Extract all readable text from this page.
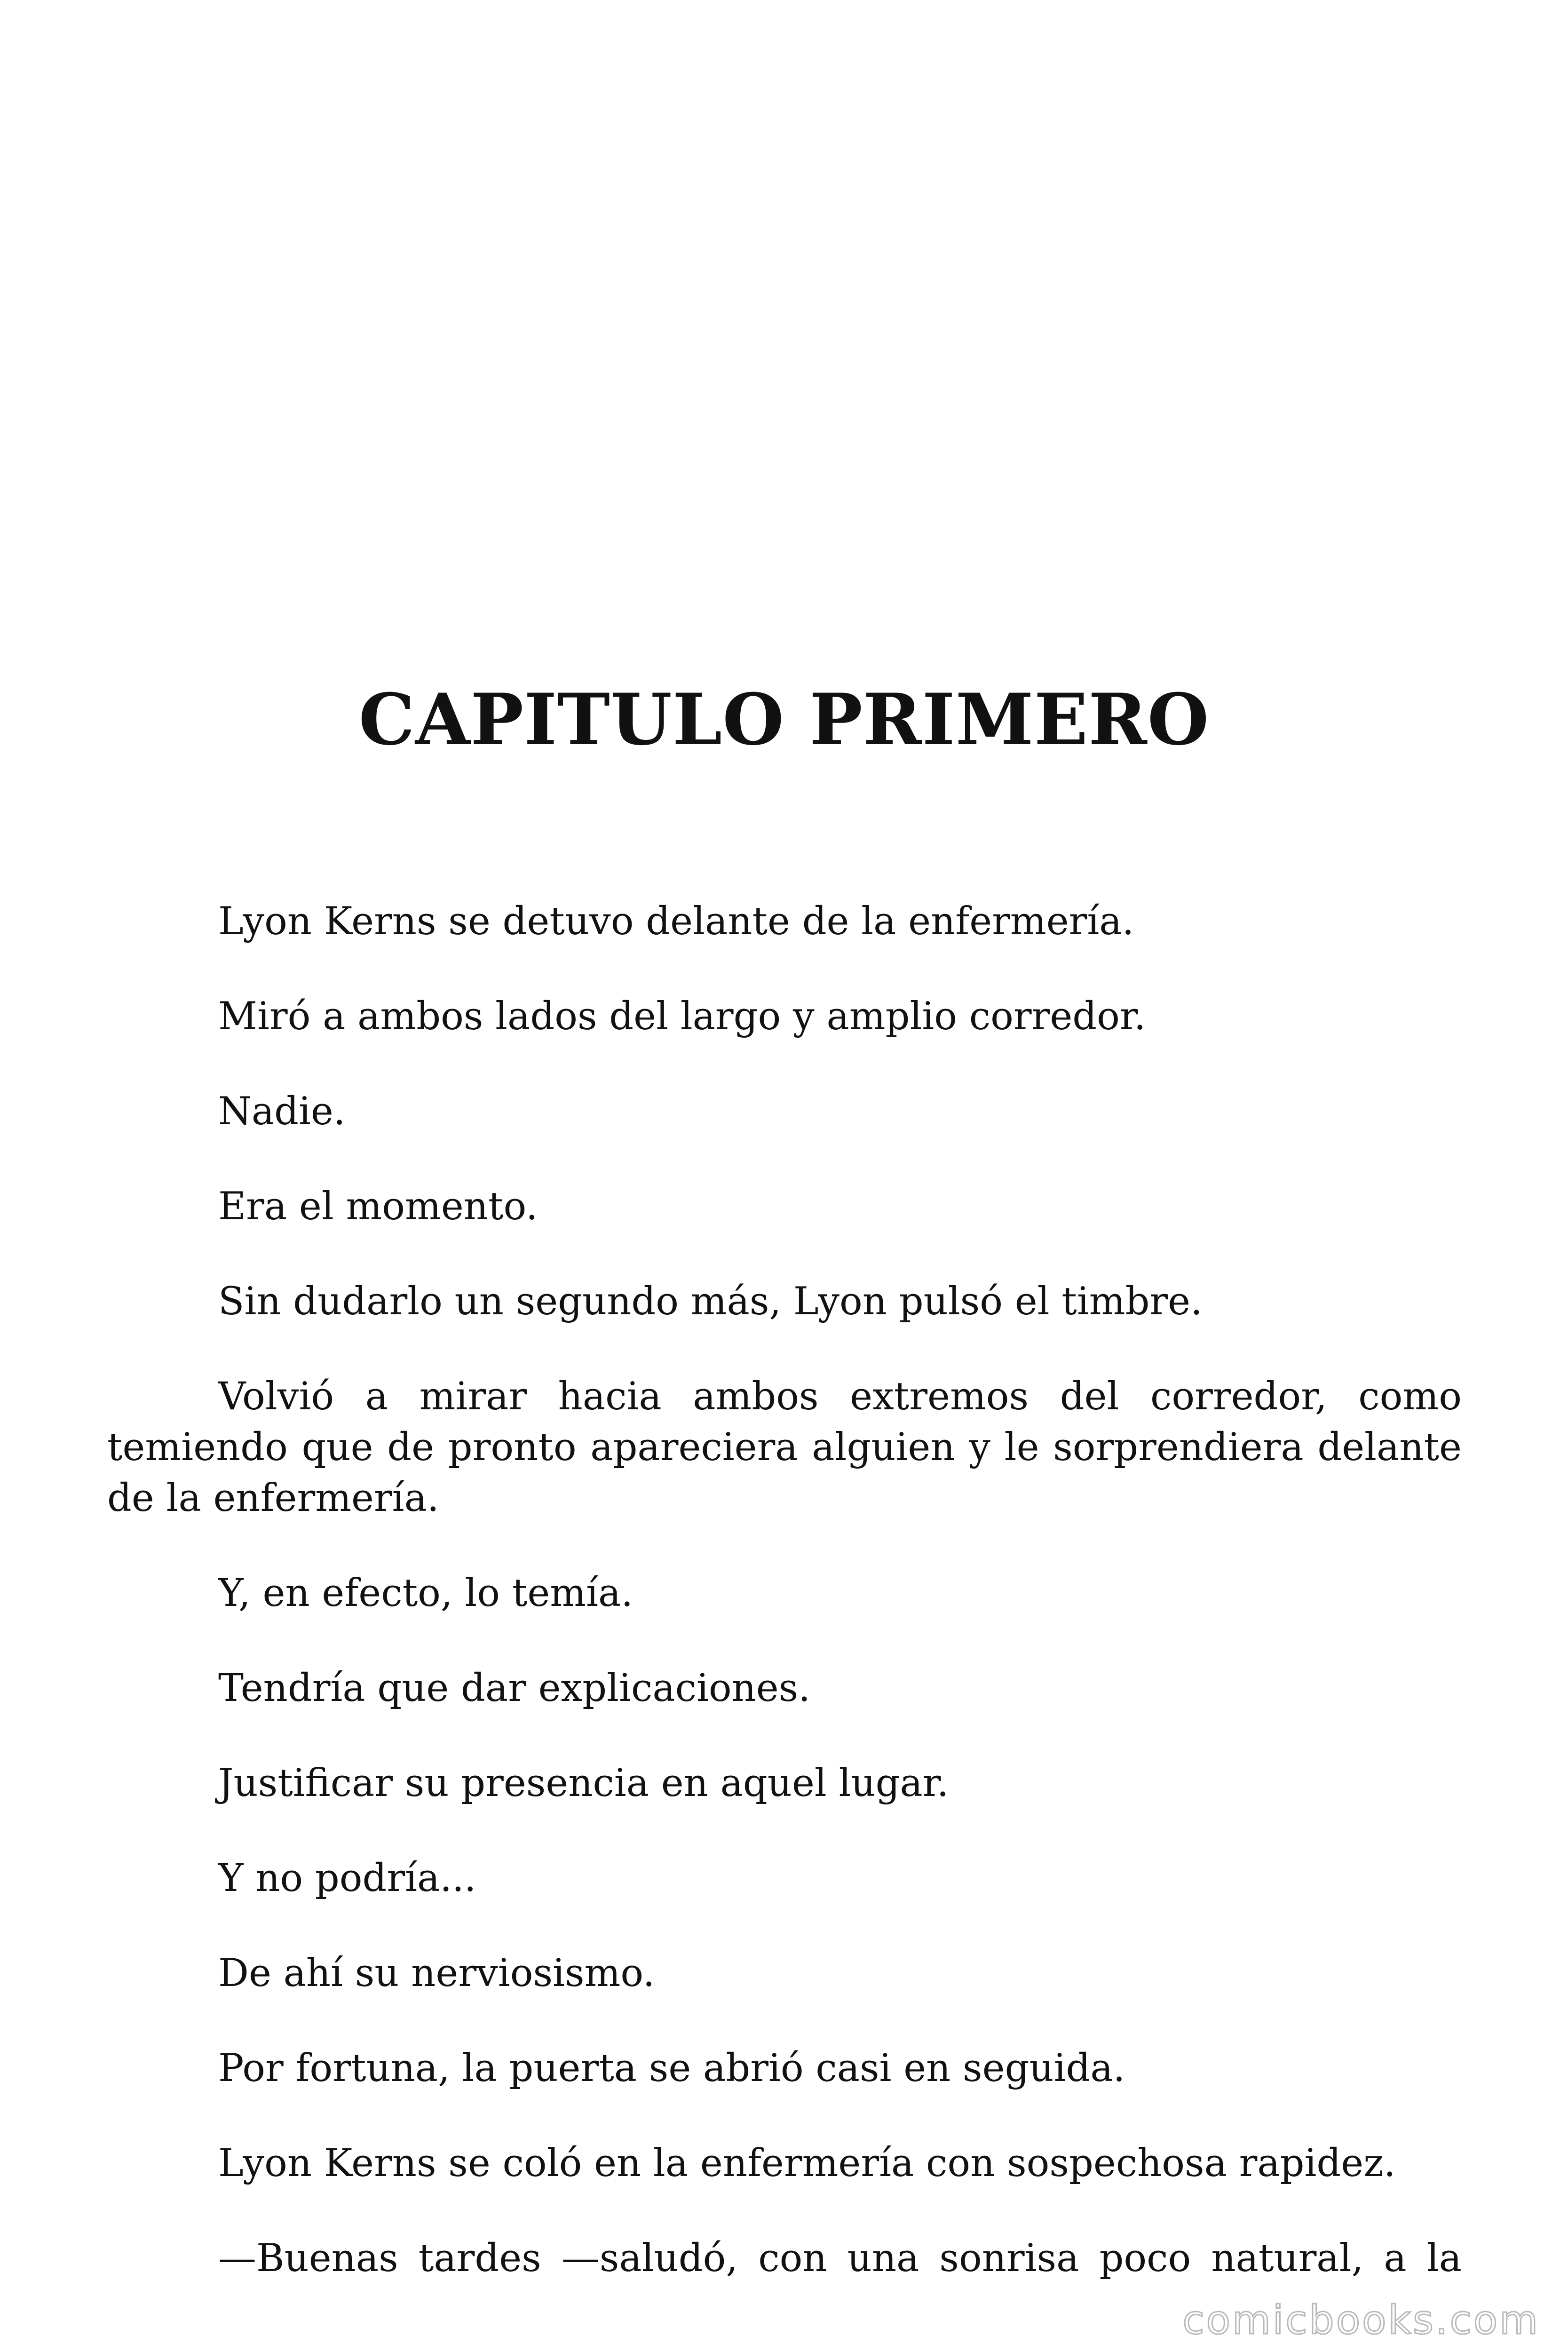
CAPITULO PRIMERO

Lyon Kerns se detuvo delante de la enfermería.

Miró a ambos lados del largo y amplio corredor.

Nadie.

Era el momento.

Sin dudarlo un segundo más, Lyon pulsó el timbre.

Volvió a mirar hacia ambos extremos del corredor, como temiendo que de pronto apareciera alguien y le sorprendiera delante de la enfermería.

Y, en efecto, lo temía.

Tendría que dar explicaciones.

Justificar su presencia en aquel lugar.

Y no podría...

De ahí su nerviosismo.

Por fortuna, la puerta se abrió casi en seguida.

Lyon Kerns se coló en la enfermería con sospechosa rapidez.

—Buenas tardes —saludó, con una sonrisa poco natural, a la

comicbooks.com
